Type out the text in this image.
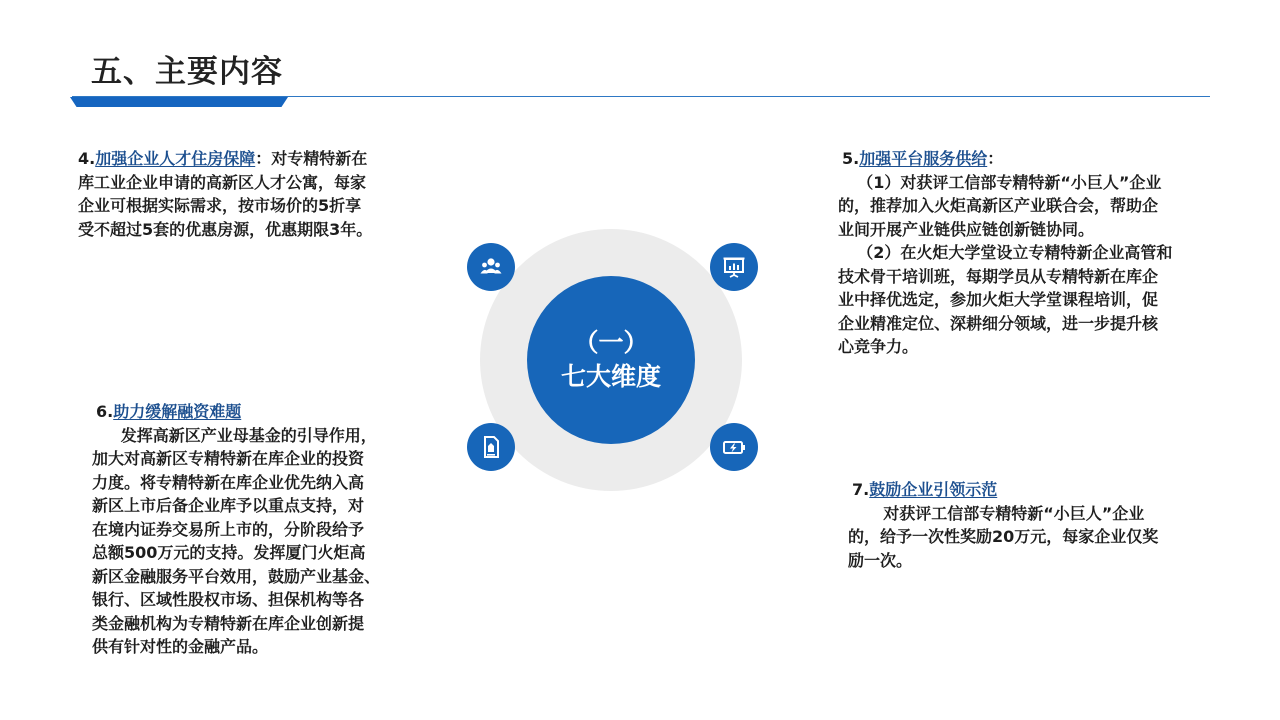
五、主要内容
4.加强企业人才住房保障：对专精特新在
库工业企业申请的高新区人才公寓，每家
企业可根据实际需求，按市场价的5折享
受不超过5套的优惠房源，优惠期限3年。
5.加强平台服务供给：
（1）对获评工信部专精特新“小巨人”企业
的，推荐加入火炬高新区产业联合会，帮助企
业间开展产业链供应链创新链协同。
（2）在火炬大学堂设立专精特新企业高管和
技术骨干培训班，每期学员从专精特新在库企
业中择优选定，参加火炬大学堂课程培训，促
企业精准定位、深耕细分领域，进一步提升核
心竞争力。
6.助力缓解融资难题
发挥高新区产业母基金的引导作用，
加大对高新区专精特新在库企业的投资
力度。将专精特新在库企业优先纳入高
新区上市后备企业库予以重点支持，对
在境内证券交易所上市的，分阶段给予
总额500万元的支持。发挥厦门火炬高
新区金融服务平台效用，鼓励产业基金、
银行、区域性股权市场、担保机构等各
类金融机构为专精特新在库企业创新提
供有针对性的金融产品。
7.鼓励企业引领示范
对获评工信部专精特新“小巨人”企业
的，给予一次性奖励20万元，每家企业仅奖
励一次。
（一）
七大维度
